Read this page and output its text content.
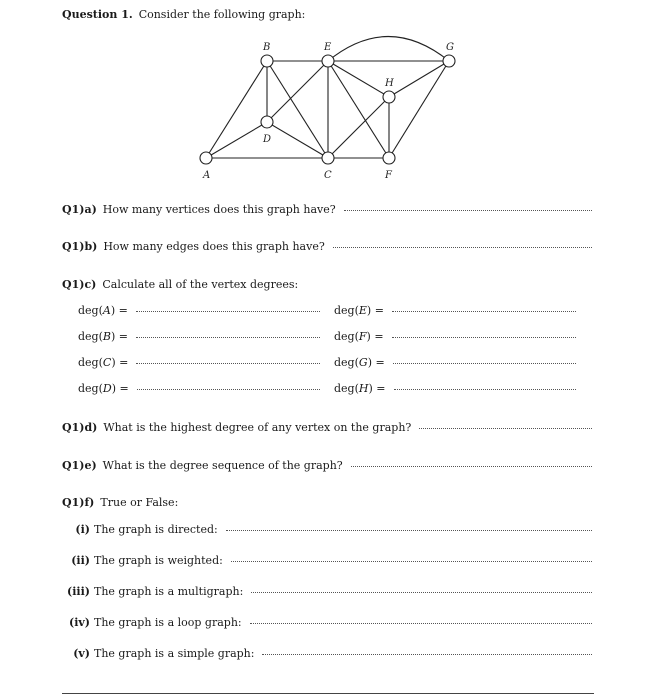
Question 1. Consider the following graph:
A
B
C
D
E
F
G
H
Q1)a) How many vertices does this graph have?
Q1)b) How many edges does this graph have?
Q1)c) Calculate all of the vertex degrees:
deg ( A ) =
deg ( B ) =
deg ( C ) =
deg ( D ) =
deg ( E ) =
deg ( F ) =
deg ( G ) =
deg ( H ) =
Q1)d) What is the highest degree of any vertex on the graph?
Q1)e) What is the degree sequence of the graph?
Q1)f) True or False:
(i) The graph is directed:
(ii) The graph is weighted:
(iii) The graph is a multigraph:
(iv) The graph is a loop graph:
(v) The graph is a simple graph:
